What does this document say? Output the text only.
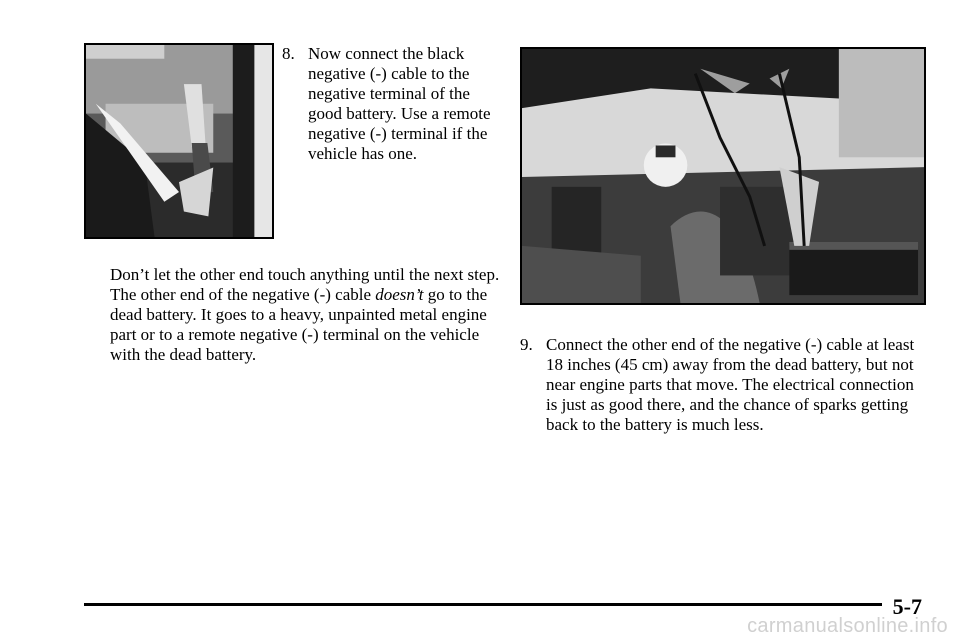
8. Now connect the black negative (-) cable to the negative terminal of the good battery. Use a remote negative (-) terminal if the vehicle has one.
Don’t let the other end touch anything until the next step. The other end of the negative (-) cable doesn’t go to the dead battery. It goes to a heavy, unpainted metal engine part or to a remote negative (-) terminal on the vehicle with the dead battery.
9. Connect the other end of the negative (-) cable at least 18 inches (45 cm) away from the dead battery, but not near engine parts that move. The electrical connection is just as good there, and the chance of sparks getting back to the battery is much less.
5-7
carmanualsonline.info
